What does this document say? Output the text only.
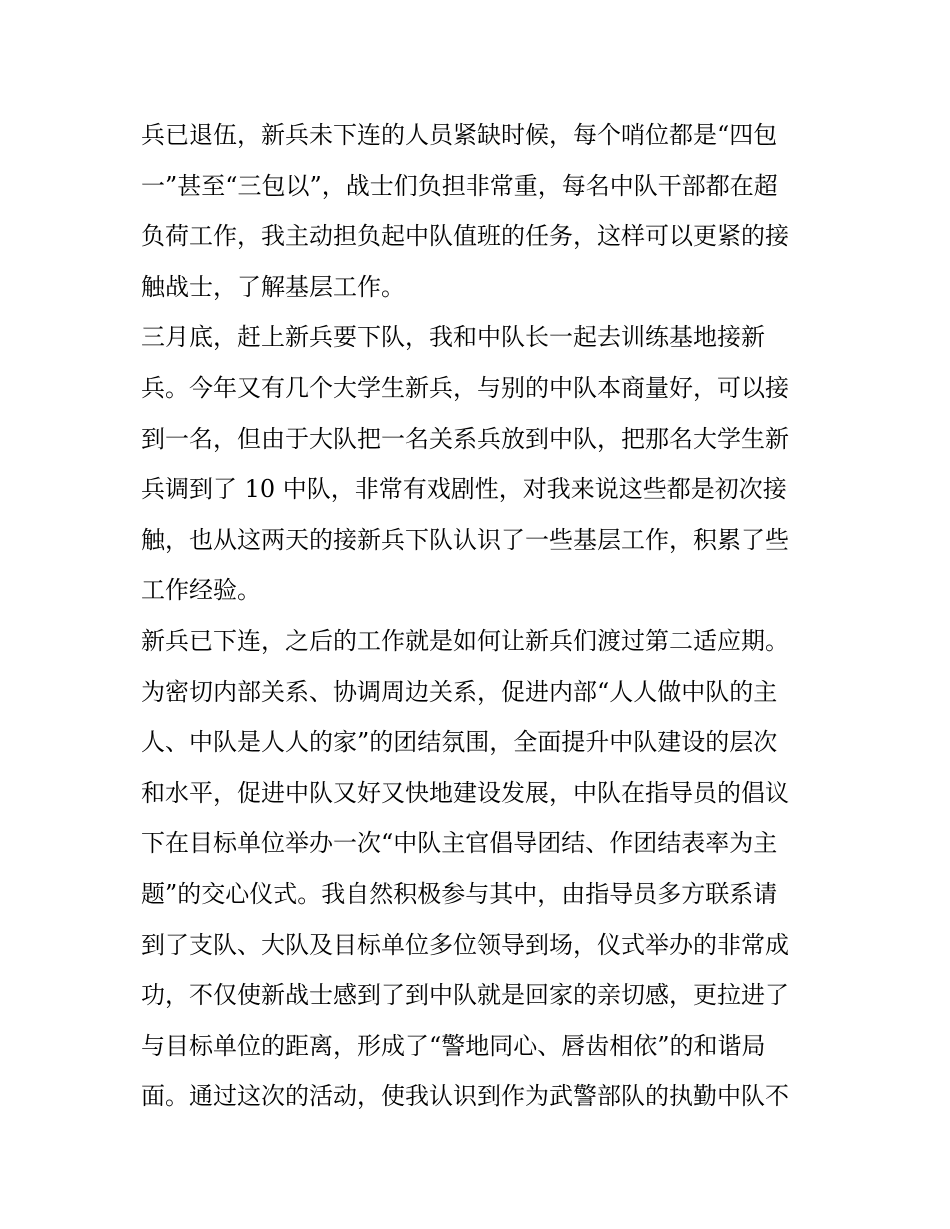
兵已退伍，新兵未下连的人员紧缺时候，每个哨位都是“四包
一”甚至“三包以”，战士们负担非常重，每名中队干部都在超
负荷工作，我主动担负起中队值班的任务，这样可以更紧的接
触战士，了解基层工作。
三月底，赶上新兵要下队，我和中队长一起去训练基地接新
兵。今年又有几个大学生新兵，与别的中队本商量好，可以接
到一名，但由于大队把一名关系兵放到中队，把那名大学生新
兵调到了 10 中队，非常有戏剧性，对我来说这些都是初次接
触，也从这两天的接新兵下队认识了一些基层工作，积累了些
工作经验。
新兵已下连，之后的工作就是如何让新兵们渡过第二适应期。
为密切内部关系、协调周边关系，促进内部“人人做中队的主
人、中队是人人的家”的团结氛围，全面提升中队建设的层次
和水平，促进中队又好又快地建设发展，中队在指导员的倡议
下在目标单位举办一次“中队主官倡导团结、作团结表率为主
题”的交心仪式。我自然积极参与其中，由指导员多方联系请
到了支队、大队及目标单位多位领导到场，仪式举办的非常成
功，不仅使新战士感到了到中队就是回家的亲切感，更拉进了
与目标单位的距离，形成了“警地同心、唇齿相依”的和谐局
面。通过这次的活动，使我认识到作为武警部队的执勤中队不
